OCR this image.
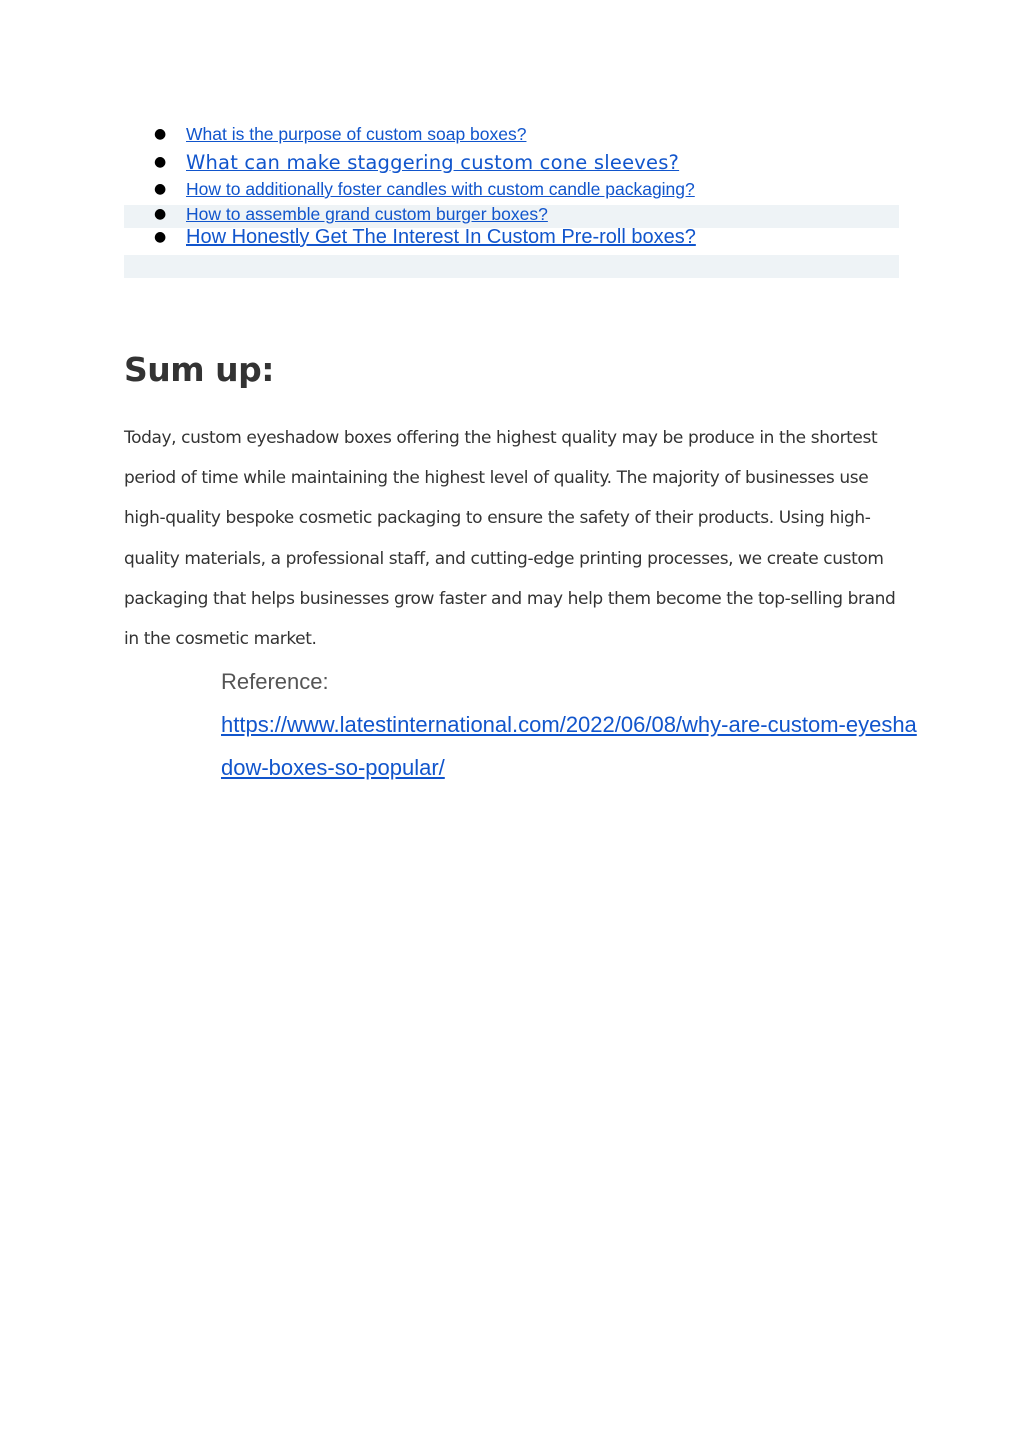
● What is the purpose of custom soap boxes?
● What can make staggering custom cone sleeves?
● How to additionally foster candles with custom candle packaging?
● How to assemble grand custom burger boxes?
● How Honestly Get The Interest In Custom Pre-roll boxes?
Sum up:

Today, custom eyeshadow boxes offering the highest quality may be produce in the shortest period of time while maintaining the highest level of quality. The majority of businesses use high-quality bespoke cosmetic packaging to ensure the safety of their products. Using high-quality materials, a professional staff, and cutting-edge printing processes, we create custom packaging that helps businesses grow faster and may help them become the top-selling brand in the cosmetic market.

Reference:
https://www.latestinternational.com/2022/06/08/why-are-custom-eyeshadow-boxes-so-popular/
